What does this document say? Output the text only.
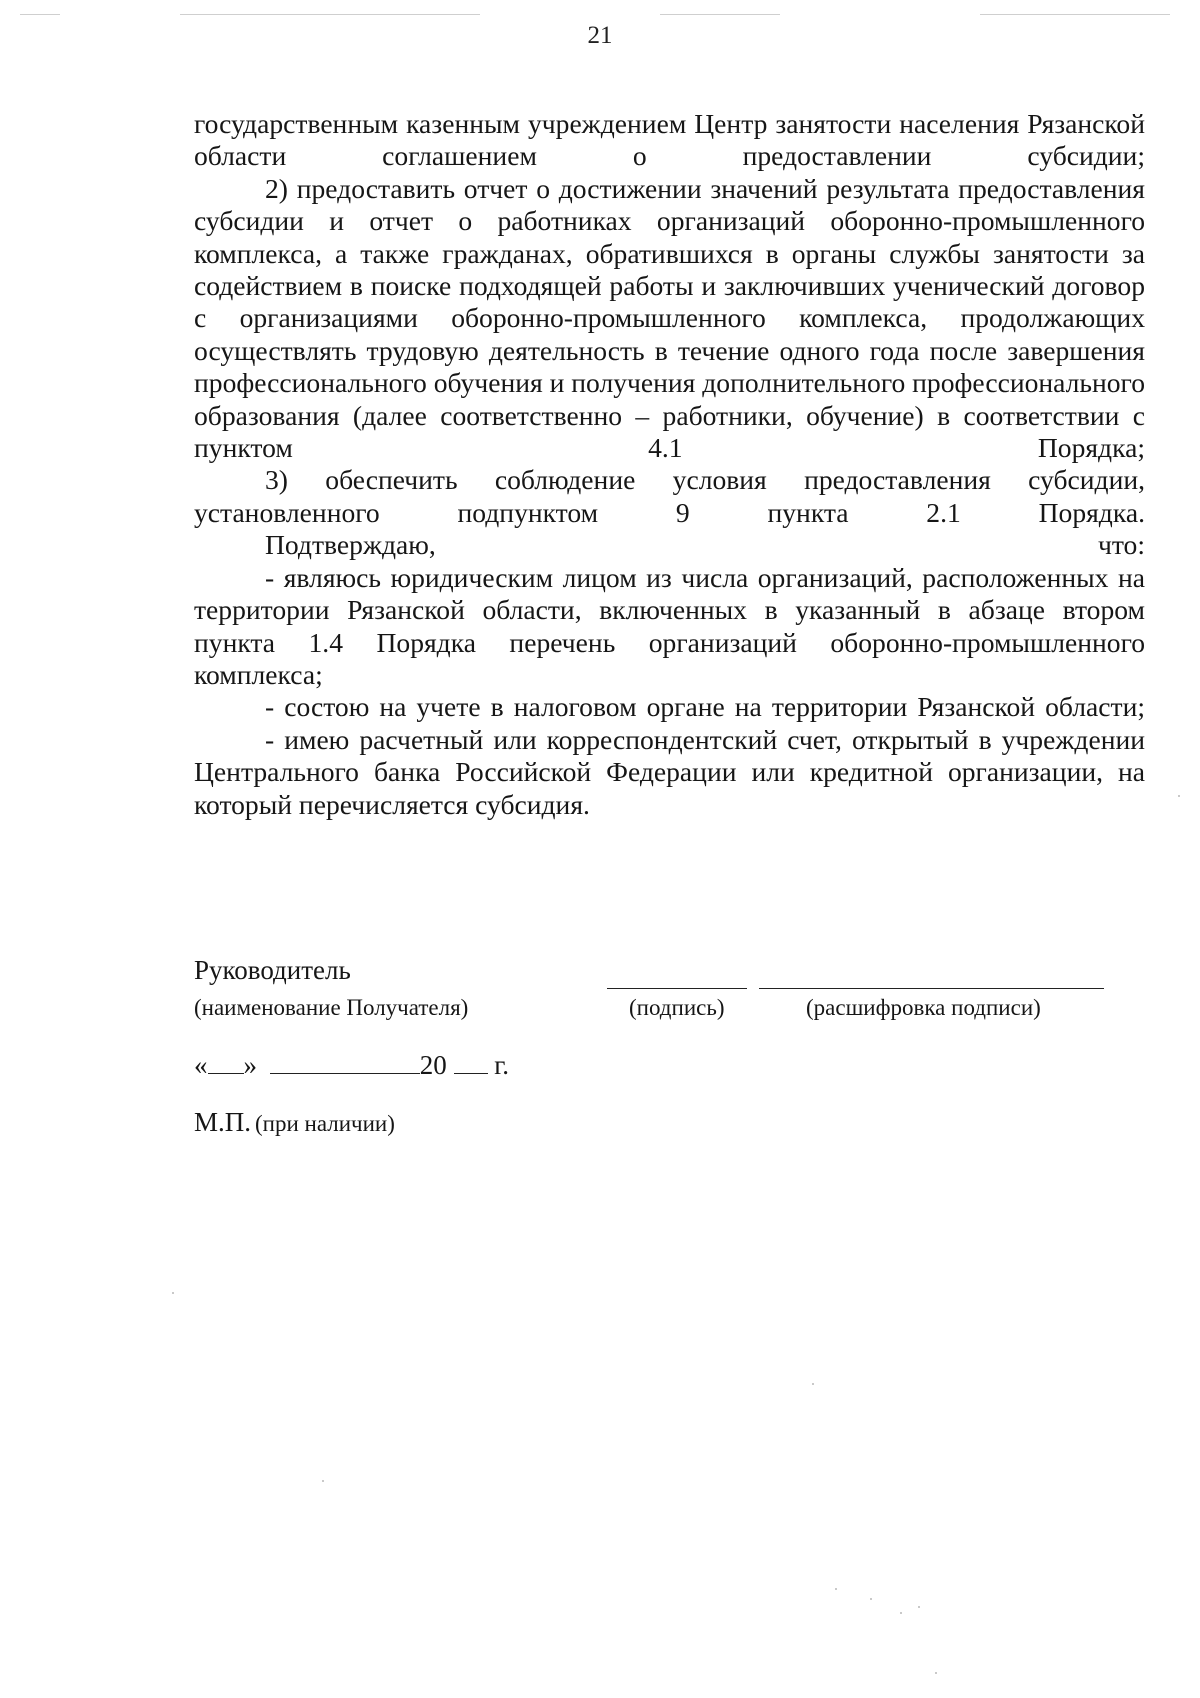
21

государственным казенным учреждением Центр занятости населения Рязанской области соглашением о предоставлении субсидии;

2) предоставить отчет о достижении значений результата предоставления субсидии и отчет о работниках организаций оборонно-промышленного комплекса, а также гражданах, обратившихся в органы службы занятости за содействием в поиске подходящей работы и заключивших ученический договор с организациями оборонно-промышленного комплекса, продолжающих осуществлять трудовую деятельность в течение одного года после завершения профессионального обучения и получения дополнительного профессионального образования (далее соответственно – работники, обучение) в соответствии с пунктом 4.1 Порядка;

3) обеспечить соблюдение условия предоставления субсидии, установленного подпунктом 9 пункта 2.1 Порядка.

Подтверждаю, что:

- являюсь юридическим лицом из числа организаций, расположенных на территории Рязанской области, включенных в указанный в абзаце втором пункта 1.4 Порядка перечень организаций оборонно-промышленного комплекса;

- состою на учете в налоговом органе на территории Рязанской области;

- имею расчетный или корреспондентский счет, открытый в учреждении Центрального банка Российской Федерации или кредитной организации, на который перечисляется субсидия.

Руководитель
(наименование Получателя)	(подпись)	(расшифровка подписи)
« »	20 г.
М.П. (при наличии)
